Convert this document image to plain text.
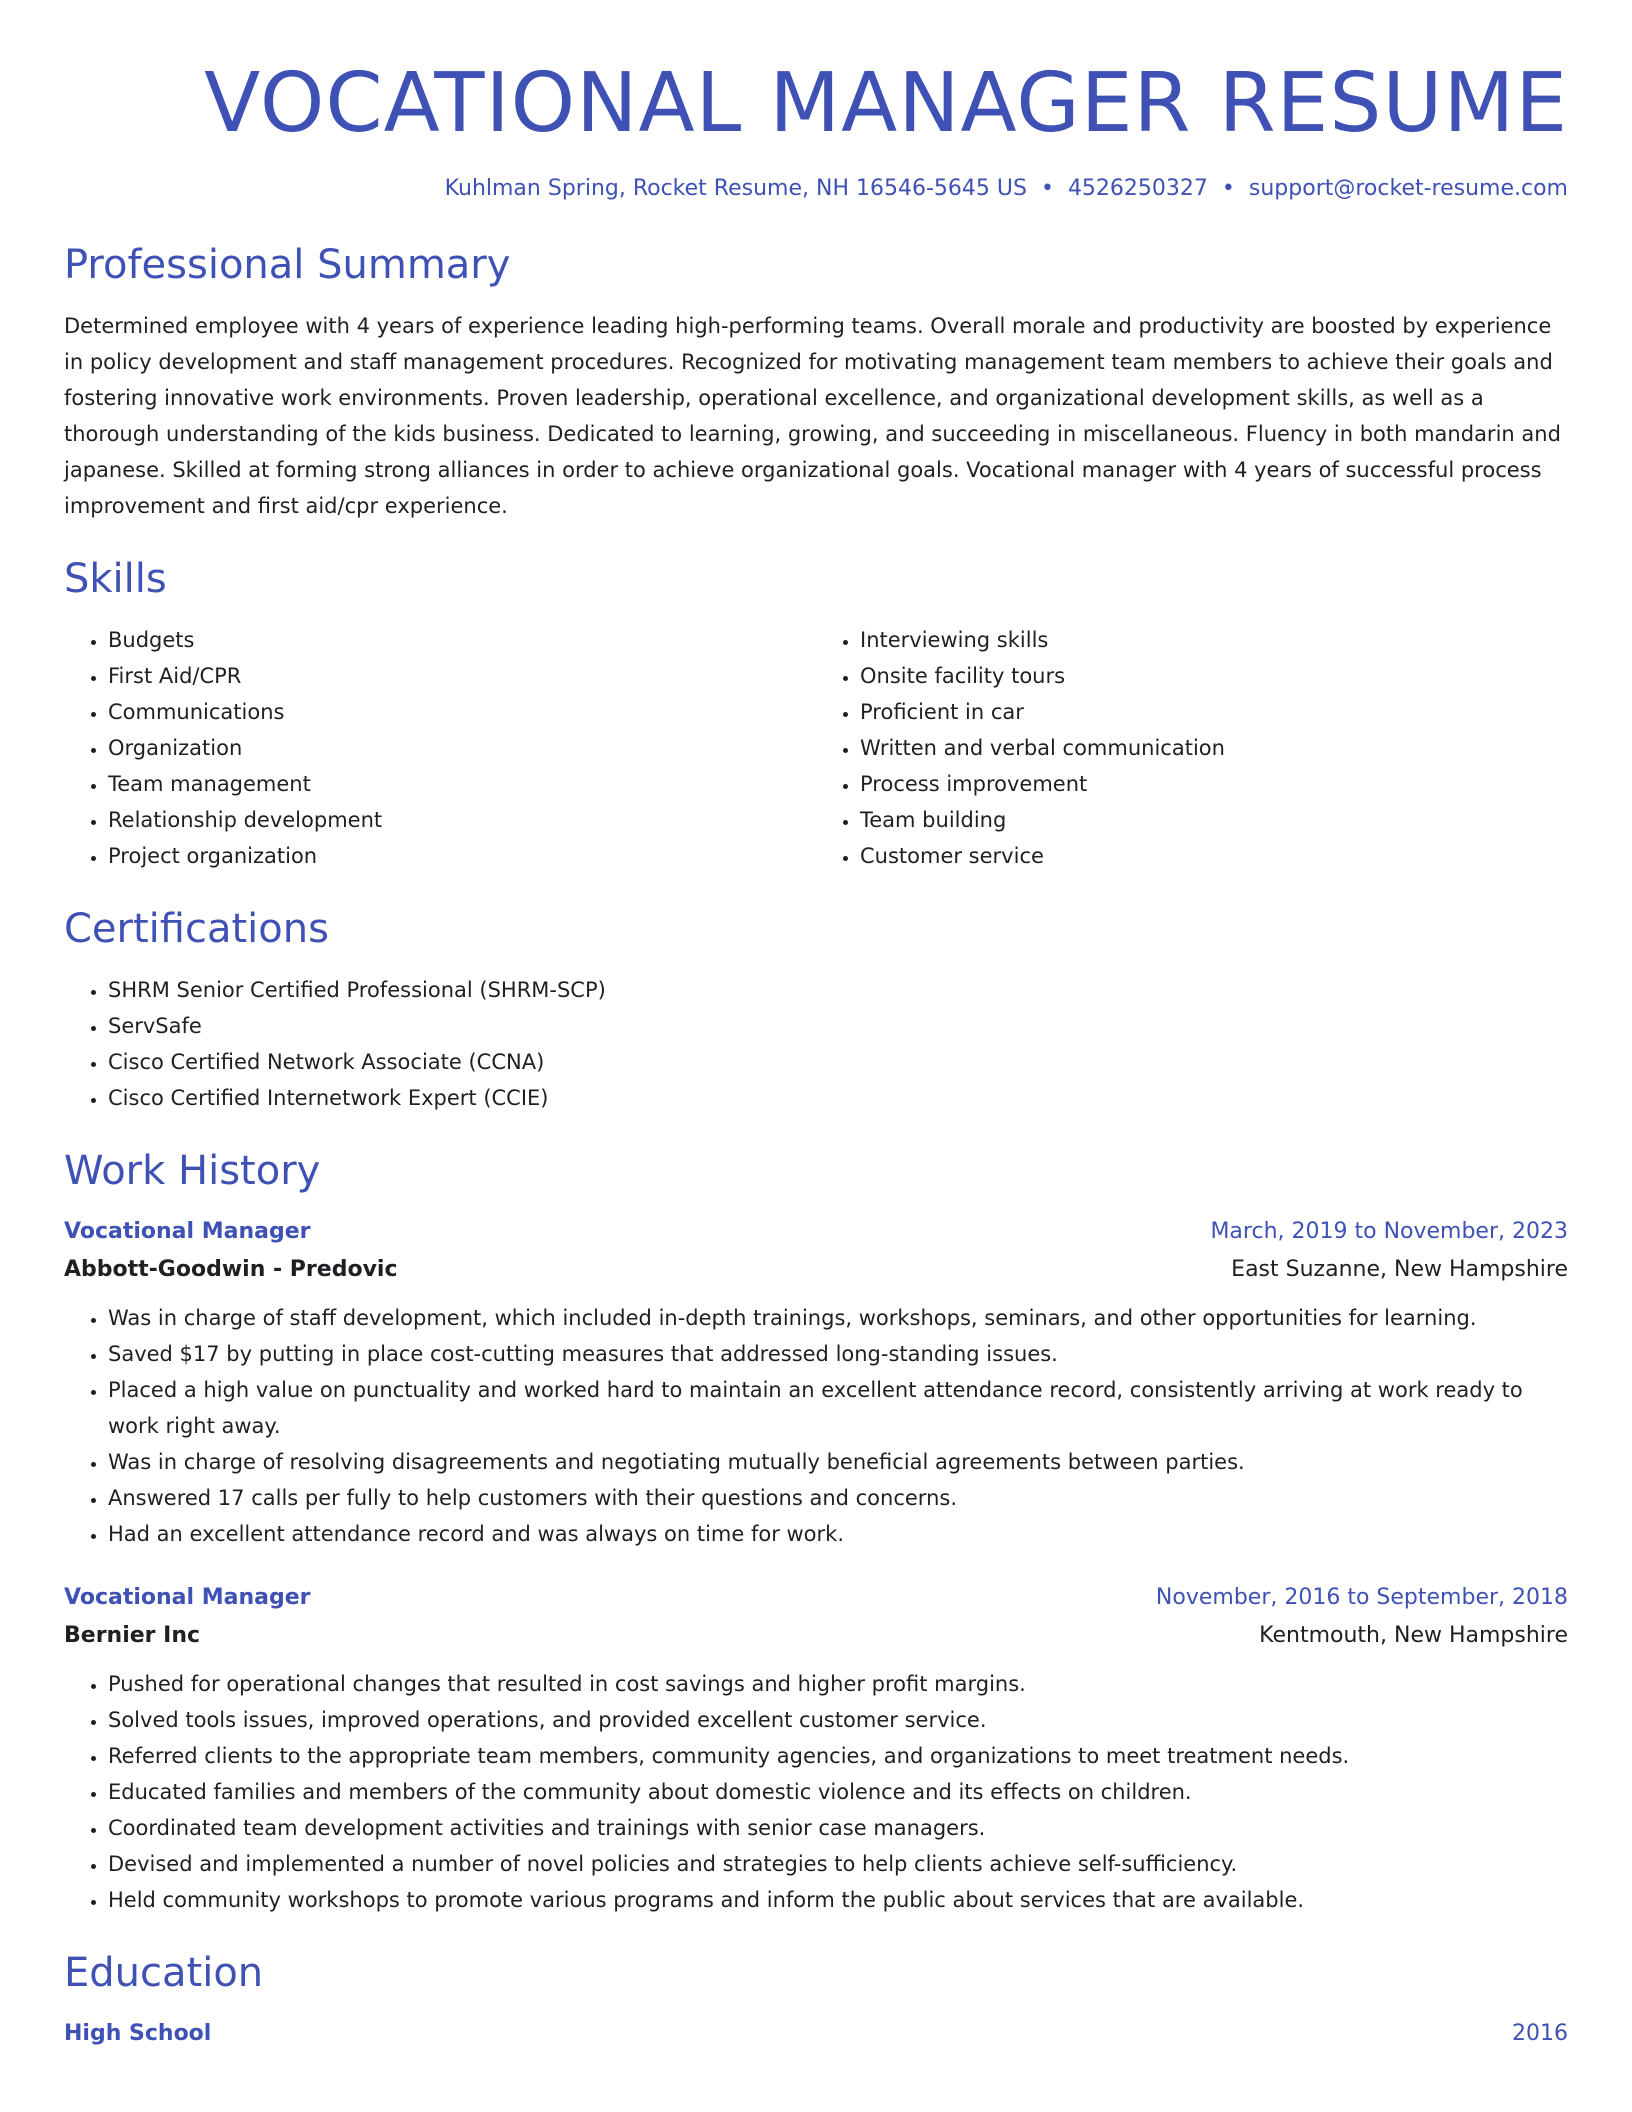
VOCATIONAL MANAGER RESUME
Kuhlman Spring, Rocket Resume, NH 16546-5645 US • 4526250327 • support@rocket-resume.com
Professional Summary

Determined employee with 4 years of experience leading high-performing teams. Overall morale and productivity are boosted by experience in policy development and staff management procedures. Recognized for motivating management team members to achieve their goals and fostering innovative work environments. Proven leadership, operational excellence, and organizational development skills, as well as a thorough understanding of the kids business. Dedicated to learning, growing, and succeeding in miscellaneous. Fluency in both mandarin and japanese. Skilled at forming strong alliances in order to achieve organizational goals. Vocational manager with 4 years of successful process improvement and first aid/cpr experience.

Skills
• Budgets
• First Aid/CPR
• Communications
• Organization
• Team management
• Relationship development
• Project organization
• Interviewing skills
• Onsite facility tours
• Proficient in car
• Written and verbal communication
• Process improvement
• Team building
• Customer service
Certifications
• SHRM Senior Certified Professional (SHRM-SCP)
• ServSafe
• Cisco Certified Network Associate (CCNA)
• Cisco Certified Internetwork Expert (CCIE)
Work History
Vocational Manager	March, 2019 to November, 2023
Abbott-Goodwin - Predovic	East Suzanne, New Hampshire
• Was in charge of staff development, which included in-depth trainings, workshops, seminars, and other opportunities for learning.
• Saved $17 by putting in place cost-cutting measures that addressed long-standing issues.
• Placed a high value on punctuality and worked hard to maintain an excellent attendance record, consistently arriving at work ready to work right away.
• Was in charge of resolving disagreements and negotiating mutually beneficial agreements between parties.
• Answered 17 calls per fully to help customers with their questions and concerns.
• Had an excellent attendance record and was always on time for work.
Vocational Manager	November, 2016 to September, 2018
Bernier Inc	Kentmouth, New Hampshire
• Pushed for operational changes that resulted in cost savings and higher profit margins.
• Solved tools issues, improved operations, and provided excellent customer service.
• Referred clients to the appropriate team members, community agencies, and organizations to meet treatment needs.
• Educated families and members of the community about domestic violence and its effects on children.
• Coordinated team development activities and trainings with senior case managers.
• Devised and implemented a number of novel policies and strategies to help clients achieve self-sufficiency.
• Held community workshops to promote various programs and inform the public about services that are available.
Education
High School	2016
